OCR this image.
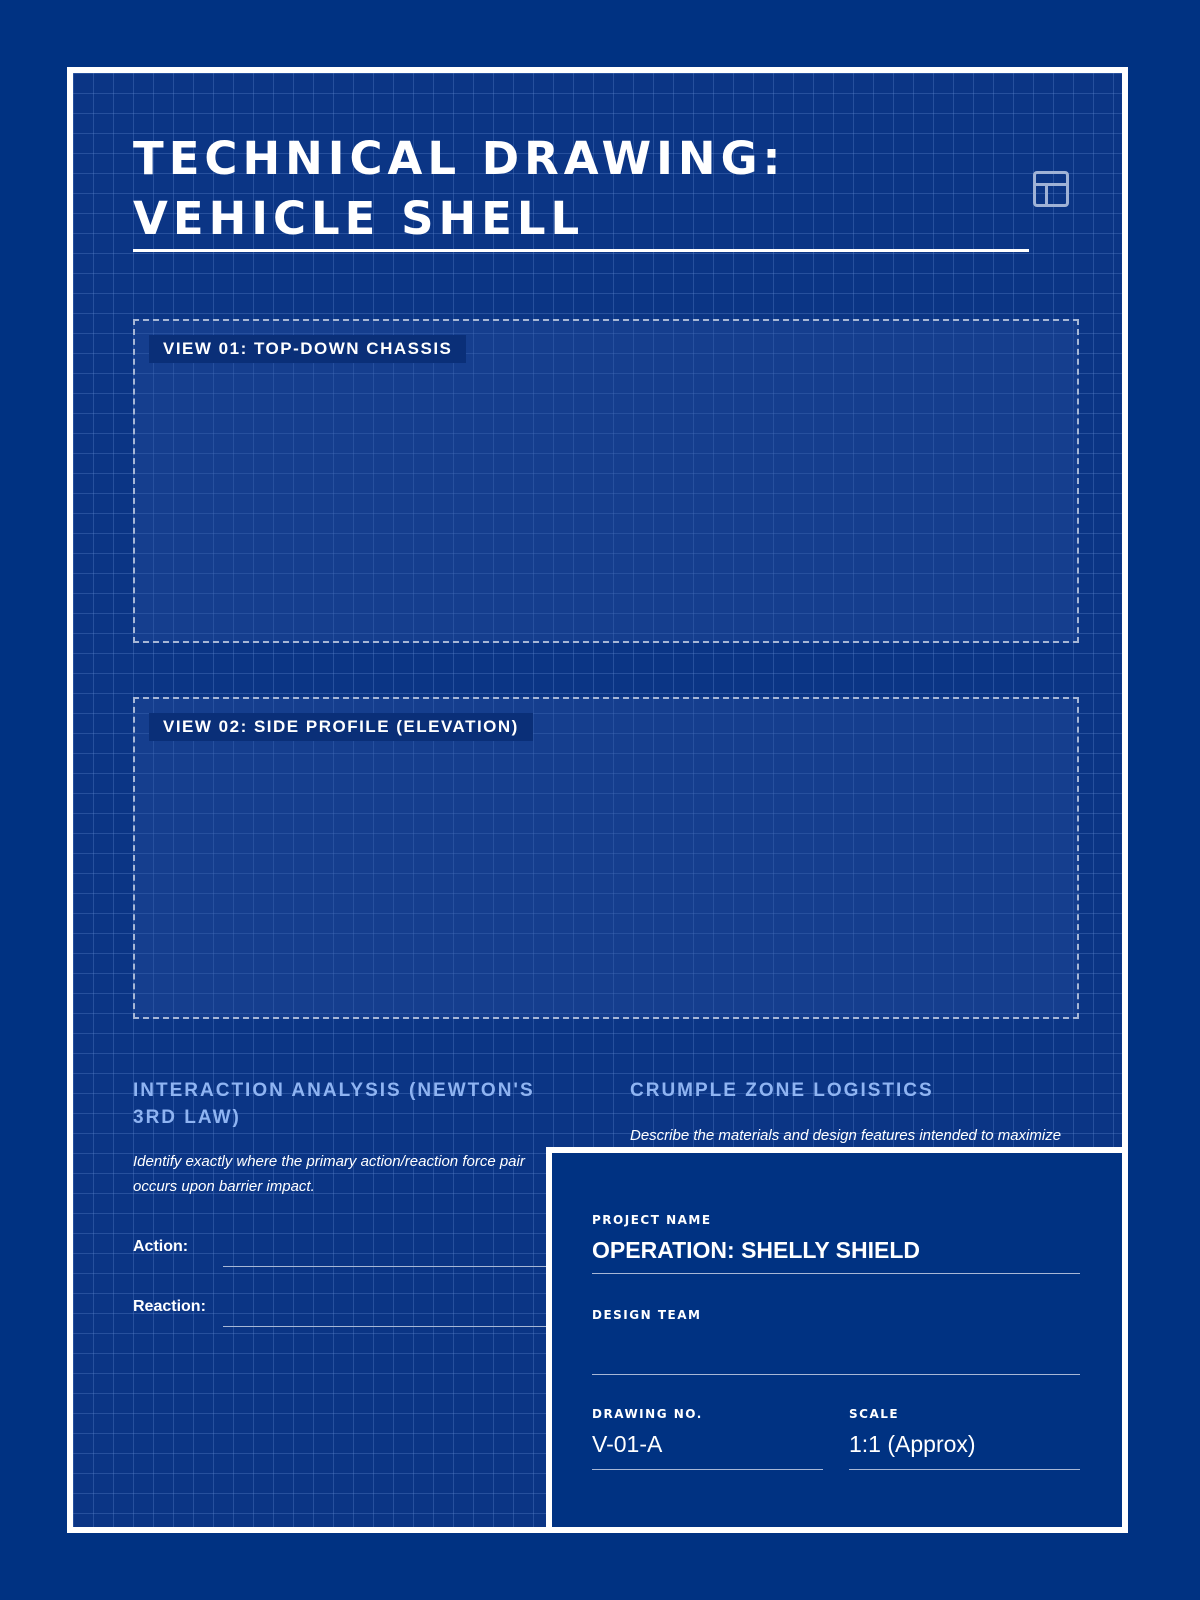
TECHNICAL DRAWING:
VEHICLE SHELL
VIEW 01: TOP-DOWN CHASSIS
VIEW 02: SIDE PROFILE (ELEVATION)
INTERACTION ANALYSIS (NEWTON'S 3RD LAW)
Identify exactly where the primary action/reaction force pair occurs upon barrier impact.
Action:
Reaction:
CRUMPLE ZONE LOGISTICS
Describe the materials and design features intended to maximize
PROJECT NAME
OPERATION: SHELLY SHIELD
DESIGN TEAM
DRAWING NO.
V-01-A
SCALE
1:1 (Approx)
